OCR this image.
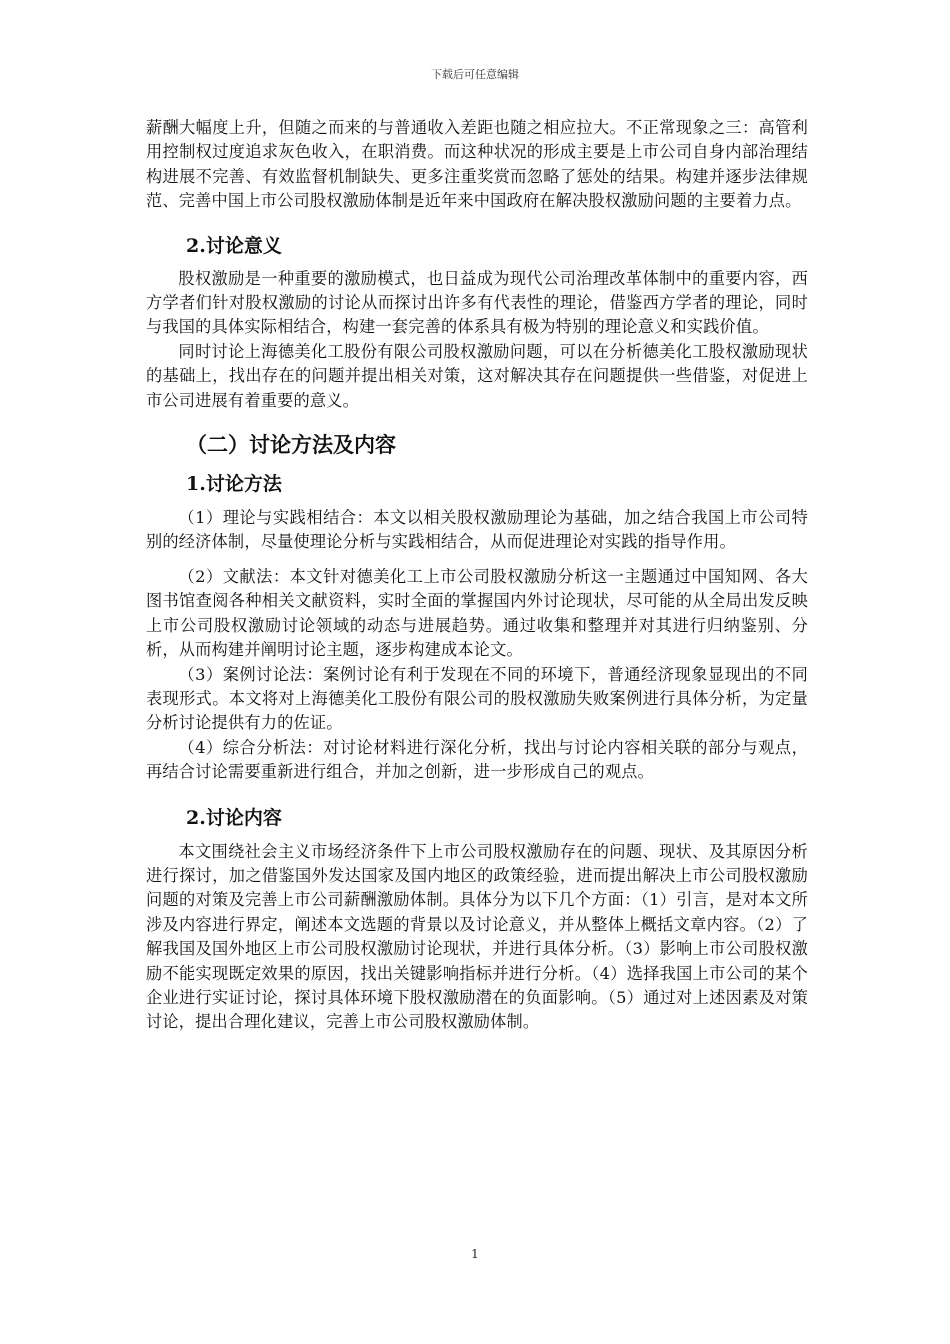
下载后可任意编辑

薪酬大幅度上升，但随之而来的与普通收入差距也随之相应拉大。不正常现象之三：高管利用控制权过度追求灰色收入，在职消费。而这种状况的形成主要是上市公司自身内部治理结构进展不完善、有效监督机制缺失、更多注重奖赏而忽略了惩处的结果。构建并逐步法律规范、完善中国上市公司股权激励体制是近年来中国政府在解决股权激励问题的主要着力点。

2.讨论意义

股权激励是一种重要的激励模式，也日益成为现代公司治理改革体制中的重要内容，西方学者们针对股权激励的讨论从而探讨出许多有代表性的理论，借鉴西方学者的理论，同时与我国的具体实际相结合，构建一套完善的体系具有极为特别的理论意义和实践价值。

同时讨论上海德美化工股份有限公司股权激励问题，可以在分析德美化工股权激励现状的基础上，找出存在的问题并提出相关对策，这对解决其存在问题提供一些借鉴，对促进上市公司进展有着重要的意义。

（二）讨论方法及内容
1.讨论方法

（1）理论与实践相结合：本文以相关股权激励理论为基础，加之结合我国上市公司特别的经济体制，尽量使理论分析与实践相结合，从而促进理论对实践的指导作用。

（2）文献法：本文针对德美化工上市公司股权激励分析这一主题通过中国知网、各大图书馆查阅各种相关文献资料，实时全面的掌握国内外讨论现状，尽可能的从全局出发反映上市公司股权激励讨论领域的动态与进展趋势。通过收集和整理并对其进行归纳鉴别、分析，从而构建并阐明讨论主题，逐步构建成本论文。

（3）案例讨论法：案例讨论有利于发现在不同的环境下，普通经济现象显现出的不同表现形式。本文将对上海德美化工股份有限公司的股权激励失败案例进行具体分析，为定量分析讨论提供有力的佐证。

（4）综合分析法：对讨论材料进行深化分析，找出与讨论内容相关联的部分与观点，再结合讨论需要重新进行组合，并加之创新，进一步形成自己的观点。

2.讨论内容

本文围绕社会主义市场经济条件下上市公司股权激励存在的问题、现状、及其原因分析进行探讨，加之借鉴国外发达国家及国内地区的政策经验，进而提出解决上市公司股权激励问题的对策及完善上市公司薪酬激励体制。具体分为以下几个方面：（1）引言，是对本文所涉及内容进行界定，阐述本文选题的背景以及讨论意义，并从整体上概括文章内容。（2）了解我国及国外地区上市公司股权激励讨论现状，并进行具体分析。（3）影响上市公司股权激励不能实现既定效果的原因，找出关键影响指标并进行分析。（4）选择我国上市公司的某个企业进行实证讨论，探讨具体环境下股权激励潜在的负面影响。（5）通过对上述因素及对策讨论，提出合理化建议，完善上市公司股权激励体制。

1
